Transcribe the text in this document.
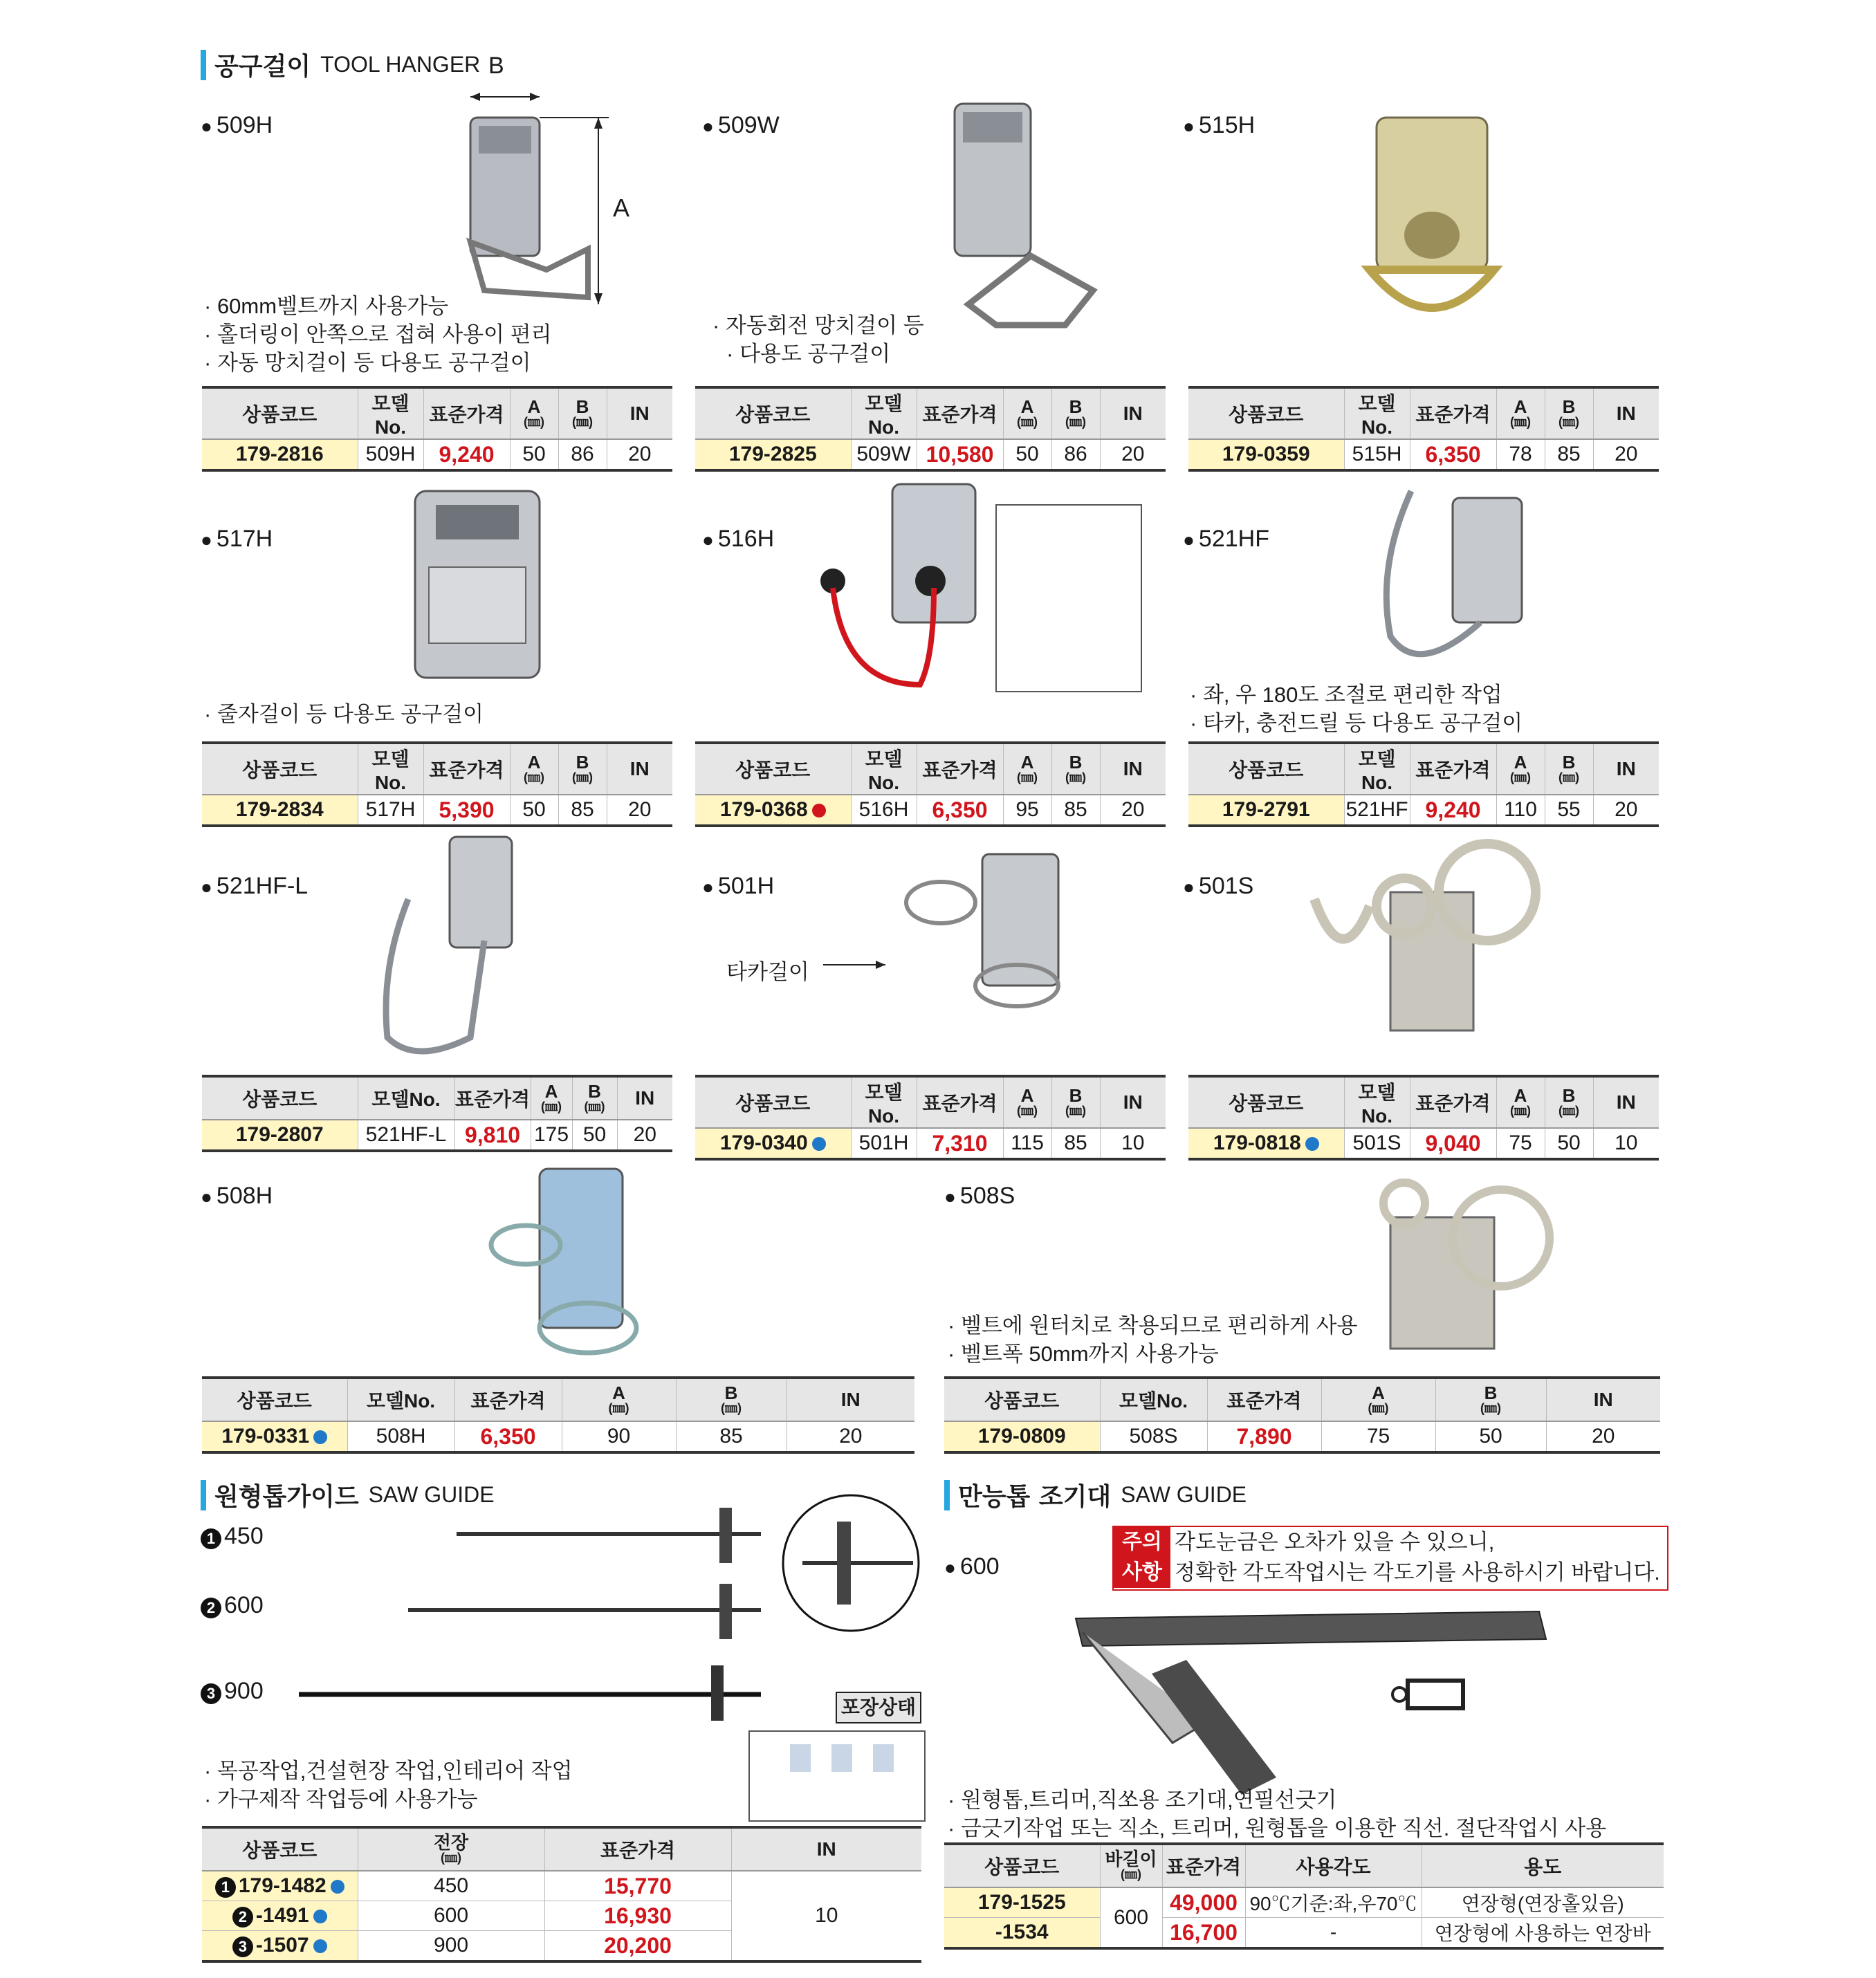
공구걸이 TOOL HANGER
● 509H	● 509W	● 515H
B
A
· 60mm벨트까지 사용가능
· 홀더링이 안쪽으로 접혀 사용이 편리
· 자동 망치걸이 등 다용도 공구걸이
· 자동회전 망치걸이 등
· 다용도 공구걸이
상품코드	모델No.	표준가격	A
(㎜)	B
(㎜)	IN
179-2816	509H	9,240	50	86	20
상품코드	모델No.	표준가격	A
(㎜)	B
(㎜)	IN
179-2825	509W	10,580	50	86	20
상품코드	모델No.	표준가격	A
(㎜)	B
(㎜)	IN
179-0359	515H	6,350	78	85	20
● 517H	● 516H	● 521HF
· 줄자걸이 등 다용도 공구걸이
· 좌, 우 180도 조절로 편리한 작업
· 타카, 충전드릴 등 다용도 공구걸이
상품코드	모델No.	표준가격	A
(㎜)	B
(㎜)	IN
179-2834	517H	5,390	50	85	20
상품코드	모델No.	표준가격	A
(㎜)	B
(㎜)	IN
179-0368	516H	6,350	95	85	20
상품코드	모델No.	표준가격	A
(㎜)	B
(㎜)	IN
179-2791	521HF	9,240	110	55	20
● 521HF-L	● 501H	● 501S
타카걸이
상품코드	모델No.	표준가격	A
(㎜)	B
(㎜)	IN
179-2807	521HF-L	9,810	175	50	20
상품코드	모델No.	표준가격	A
(㎜)	B
(㎜)	IN
179-0340	501H	7,310	115	85	10
상품코드	모델No.	표준가격	A
(㎜)	B
(㎜)	IN
179-0818	501S	9,040	75	50	10
● 508H	● 508S
· 벨트에 원터치로 착용되므로 편리하게 사용
· 벨트폭 50mm까지 사용가능
상품코드	모델No.	표준가격	A
(㎜)	B
(㎜)	IN
179-0331	508H	6,350	90	85	20
상품코드	모델No.	표준가격	A
(㎜)	B
(㎜)	IN
179-0809	508S	7,890	75	50	20
원형톱가이드 SAW GUIDE
1 450
2 600
3 900
포장상태
· 목공작업,건설현장 작업,인테리어 작업
· 가구제작 작업등에 사용가능
상품코드	전장
(㎜)	표준가격	IN
1 179-1482	450	15,770	10
2 -1491	600	16,930	
3 -1507	900	20,200	
만능톱 조기대 SAW GUIDE
● 600
주의
사항
각도눈금은 오차가 있을 수 있으니,
정확한 각도작업시는 각도기를 사용하시기 바랍니다.
· 원형톱,트리머,직쏘용 조기대,연필선긋기
· 금긋기작업 또는 직소, 트리머, 원형톱을 이용한 직선. 절단작업시 사용
상품코드	바길이
(㎜)	표준가격	사용각도	용도
179-1525	600	49,000	90℃기준:좌,우70℃	연장형(연장홀있음)
-1534		16,700	-	연장형에 사용하는 연장바
